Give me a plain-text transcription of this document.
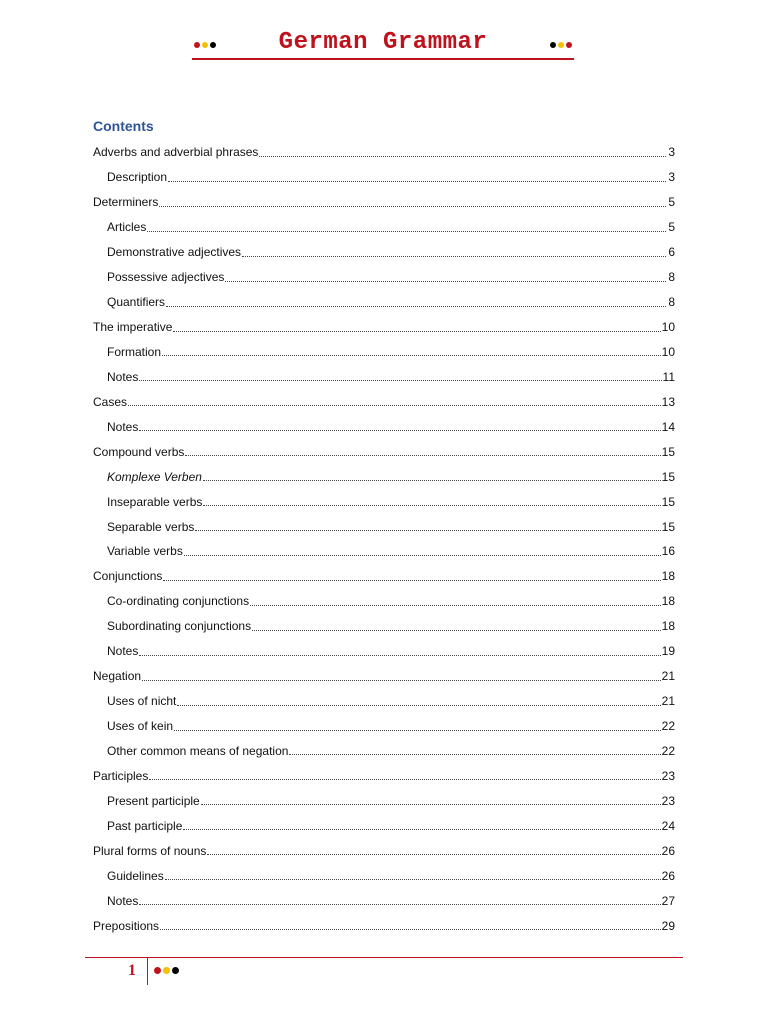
German Grammar
Contents
Adverbs and adverbial phrases	3
Description	3
Determiners	5
Articles	5
Demonstrative adjectives	6
Possessive adjectives	8
Quantifiers	8
The imperative	10
Formation	10
Notes	11
Cases	13
Notes	14
Compound verbs	15
Komplexe Verben	15
Inseparable verbs	15
Separable verbs	15
Variable verbs	16
Conjunctions	18
Co-ordinating conjunctions	18
Subordinating conjunctions	18
Notes	19
Negation	21
Uses of nicht	21
Uses of kein	22
Other common means of negation	22
Participles	23
Present participle	23
Past participle	24
Plural forms of nouns	26
Guidelines	26
Notes	27
Prepositions	29
1
